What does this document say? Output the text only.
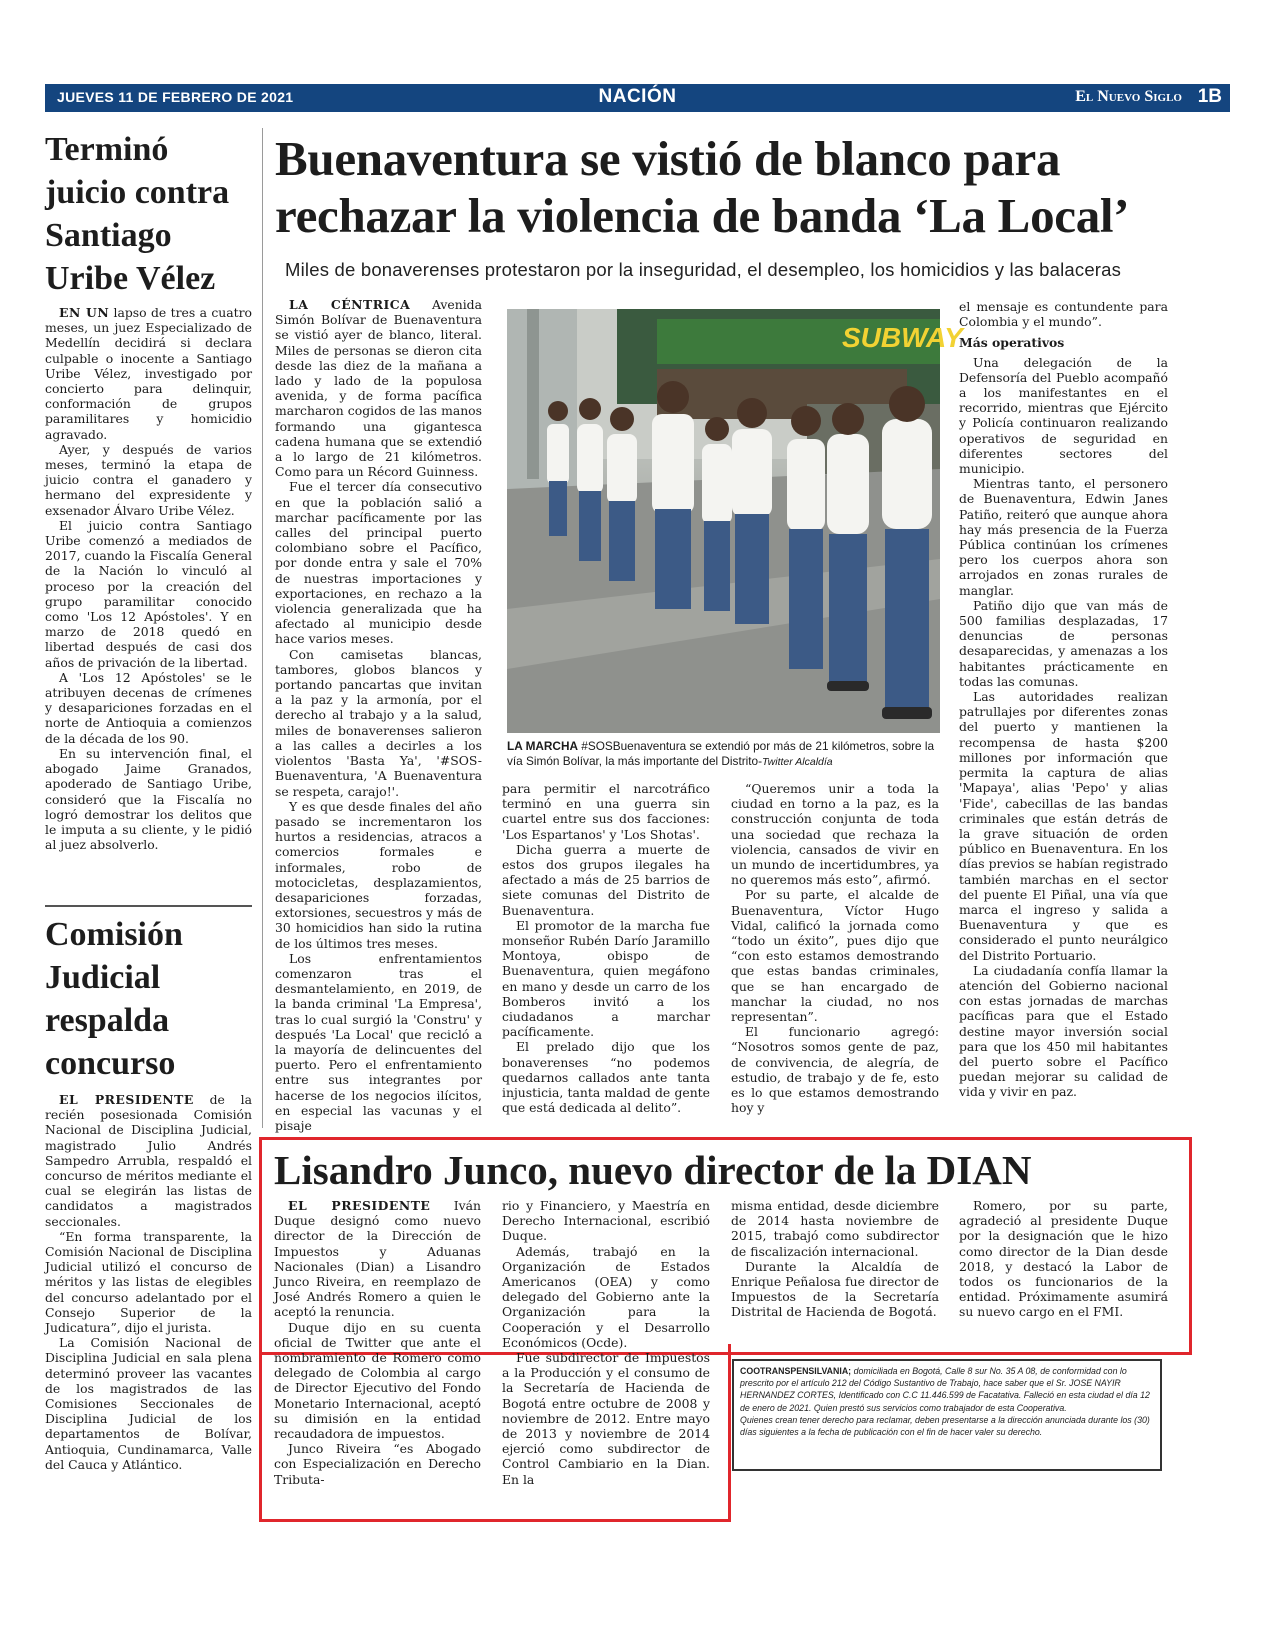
JUEVES 11 DE FEBRERO DE 2021	NACIÓN	El Nuevo Siglo 1B
Terminó juicio contra Santiago Uribe Vélez

EN UN lapso de tres a cuatro meses, un juez Especializado de Medellín decidirá si declara culpable o inocente a Santiago Uribe Vélez, investigado por concierto para delinquir, conformación de grupos paramilitares y homicidio agravado.

Ayer, y después de varios meses, terminó la etapa de juicio contra el ganadero y hermano del expresidente y exsenador Álvaro Uribe Vélez.

El juicio contra Santiago Uribe comenzó a mediados de 2017, cuando la Fiscalía General de la Nación lo vinculó al proceso por la creación del grupo paramilitar conocido como 'Los 12 Apóstoles'. Y en marzo de 2018 quedó en libertad después de casi dos años de privación de la libertad.

A 'Los 12 Apóstoles' se le atribuyen decenas de crímenes y desapariciones forzadas en el norte de Antioquia a comienzos de la década de los 90.

En su intervención final, el abogado Jaime Granados, apoderado de Santiago Uribe, consideró que la Fiscalía no logró demostrar los delitos que le imputa a su cliente, y le pidió al juez absolverlo.

Comisión Judicial respalda concurso

EL PRESIDENTE de la recién posesionada Comisión Nacional de Disciplina Judicial, magistrado Julio Andrés Sampedro Arrubla, respaldó el concurso de méritos mediante el cual se elegirán las listas de candidatos a magistrados seccionales.

“En forma transparente, la Comisión Nacional de Disciplina Judicial utilizó el concurso de méritos y las listas de elegibles del concurso adelantado por el Consejo Superior de la Judicatura”, dijo el jurista.

La Comisión Nacional de Disciplina Judicial en sala plena determinó proveer las vacantes de los magistrados de las Comisiones Seccionales de Disciplina Judicial de los departamentos de Bolívar, Antioquia, Cundinamarca, Valle del Cauca y Atlántico.

Buenaventura se vistió de blanco para rechazar la violencia de banda ‘La Local’
Miles de bonaverenses protestaron por la inseguridad, el desempleo, los homicidios y las balaceras

LA CÉNTRICA Avenida Simón Bolívar de Buenaventura se vistió ayer de blanco, literal. Miles de personas se dieron cita desde las diez de la mañana a lado y lado de la populosa avenida, y de forma pacífica marcharon cogidos de las manos formando una gigantesca cadena humana que se extendió a lo largo de 21 kilómetros. Como para un Récord Guinness.

Fue el tercer día consecutivo en que la población salió a marchar pacíficamente por las calles del principal puerto colombiano sobre el Pacífico, por donde entra y sale el 70% de nuestras importaciones y exportaciones, en rechazo a la violencia generalizada que ha afectado al municipio desde hace varios meses.

Con camisetas blancas, tambores, globos blancos y portando pancartas que invitan a la paz y la armonía, por el derecho al trabajo y a la salud, miles de bonaverenses salieron a las calles a decirles a los violentos 'Basta Ya', '#SOS-Buenaventura, 'A Buenaventura se respeta, carajo!'.

Y es que desde finales del año pasado se incrementaron los hurtos a residencias, atracos a comercios formales e informales, robo de motocicletas, desplazamientos, desapariciones forzadas, extorsiones, secuestros y más de 30 homicidios han sido la rutina de los últimos tres meses.

Los enfrentamientos comenzaron tras el desmantelamiento, en 2019, de la banda criminal 'La Empresa', tras lo cual surgió la 'Constru' y después 'La Local' que recicló a la mayoría de delincuentes del puerto. Pero el enfrentamiento entre sus integrantes por hacerse de los negocios ilícitos, en especial las vacunas y el pisaje

SUBWAY
LA MARCHA #SOSBuenaventura se extendió por más de 21 kilómetros, sobre la vía Simón Bolívar, la más importante del Distrito-Twitter Alcaldía

para permitir el narcotráfico terminó en una guerra sin cuartel entre sus dos facciones: 'Los Espartanos' y 'Los Shotas'.

Dicha guerra a muerte de estos dos grupos ilegales ha afectado a más de 25 barrios de siete comunas del Distrito de Buenaventura.

El promotor de la marcha fue monseñor Rubén Darío Jaramillo Montoya, obispo de Buenaventura, quien megáfono en mano y desde un carro de los Bomberos invitó a los ciudadanos a marchar pacíficamente.

El prelado dijo que los bonaverenses “no podemos quedarnos callados ante tanta injusticia, tanta maldad de gente que está dedicada al delito”.

“Queremos unir a toda la ciudad en torno a la paz, es la construcción conjunta de toda una sociedad que rechaza la violencia, cansados de vivir en un mundo de incertidumbres, ya no queremos más esto”, afirmó.

Por su parte, el alcalde de Buenaventura, Víctor Hugo Vidal, calificó la jornada como “todo un éxito”, pues dijo que “con esto estamos demostrando que estas bandas criminales, que se han encargado de manchar la ciudad, no nos representan”.

El funcionario agregó: “Nosotros somos gente de paz, de convivencia, de alegría, de estudio, de trabajo y de fe, esto es lo que estamos demostrando hoy y

el mensaje es contundente para Colombia y el mundo”.

Más operativos

Una delegación de la Defensoría del Pueblo acompañó a los manifestantes en el recorrido, mientras que Ejército y Policía continuaron realizando operativos de seguridad en diferentes sectores del municipio.

Mientras tanto, el personero de Buenaventura, Edwin Janes Patiño, reiteró que aunque ahora hay más presencia de la Fuerza Pública continúan los crímenes pero los cuerpos ahora son arrojados en zonas rurales de manglar.

Patiño dijo que van más de 500 familias desplazadas, 17 denuncias de personas desaparecidas, y amenazas a los habitantes prácticamente en todas las comunas.

Las autoridades realizan patrullajes por diferentes zonas del puerto y mantienen la recompensa de hasta $200 millones por información que permita la captura de alias 'Mapaya', alias 'Pepo' y alias 'Fide', cabecillas de las bandas criminales que están detrás de la grave situación de orden público en Buenaventura. En los días previos se habían registrado también marchas en el sector del puente El Piñal, una vía que marca el ingreso y salida a Buenaventura y que es considerado el punto neurálgico del Distrito Portuario.

La ciudadanía confía llamar la atención del Gobierno nacional con estas jornadas de marchas pacíficas para que el Estado destine mayor inversión social para que los 450 mil habitantes del puerto sobre el Pacífico puedan mejorar su calidad de vida y vivir en paz.

Lisandro Junco, nuevo director de la DIAN

EL PRESIDENTE Iván Duque designó como nuevo director de la Dirección de Impuestos y Aduanas Nacionales (Dian) a Lisandro Junco Riveira, en reemplazo de José Andrés Romero a quien le aceptó la renuncia.

Duque dijo en su cuenta oficial de Twitter que ante el nombramiento de Romero como delegado de Colombia al cargo de Director Ejecutivo del Fondo Monetario Internacional, aceptó su dimisión en la entidad recaudadora de impuestos.

Junco Riveira “es Abogado con Especialización en Derecho Tributa-

rio y Financiero, y Maestría en Derecho Internacional, escribió Duque.

Además, trabajó en la Organización de Estados Americanos (OEA) y como delegado del Gobierno ante la Organización para la Cooperación y el Desarrollo Económicos (Ocde).

Fue subdirector de Impuestos a la Producción y el consumo de la Secretaría de Hacienda de Bogotá entre octubre de 2008 y noviembre de 2012. Entre mayo de 2013 y noviembre de 2014 ejerció como subdirector de Control Cambiario en la Dian. En la

misma entidad, desde diciembre de 2014 hasta noviembre de 2015, trabajó como subdirector de fiscalización internacional.

Durante la Alcaldía de Enrique Peñalosa fue director de Impuestos de la Secretaría Distrital de Hacienda de Bogotá.

Romero, por su parte, agradeció al presidente Duque por la designación que le hizo como director de la Dian desde 2018, y destacó la Labor de todos os funcionarios de la entidad. Próximamente asumirá su nuevo cargo en el FMI.

COOTRANSPENSILVANIA; domiciliada en Bogotá, Calle 8 sur No. 35 A 08, de conformidad con lo prescrito por el artículo 212 del Código Sustantivo de Trabajo, hace saber que el Sr. JOSE NAYIR HERNANDEZ CORTES, Identificado con C.C 11.446.599 de Facatativa. Falleció en esta ciudad el día 12 de enero de 2021. Quien prestó sus servicios como trabajador de esta Cooperativa.

Quienes crean tener derecho para reclamar, deben presentarse a la dirección anunciada durante los (30) días siguientes a la fecha de publicación con el fin de hacer valer su derecho.
